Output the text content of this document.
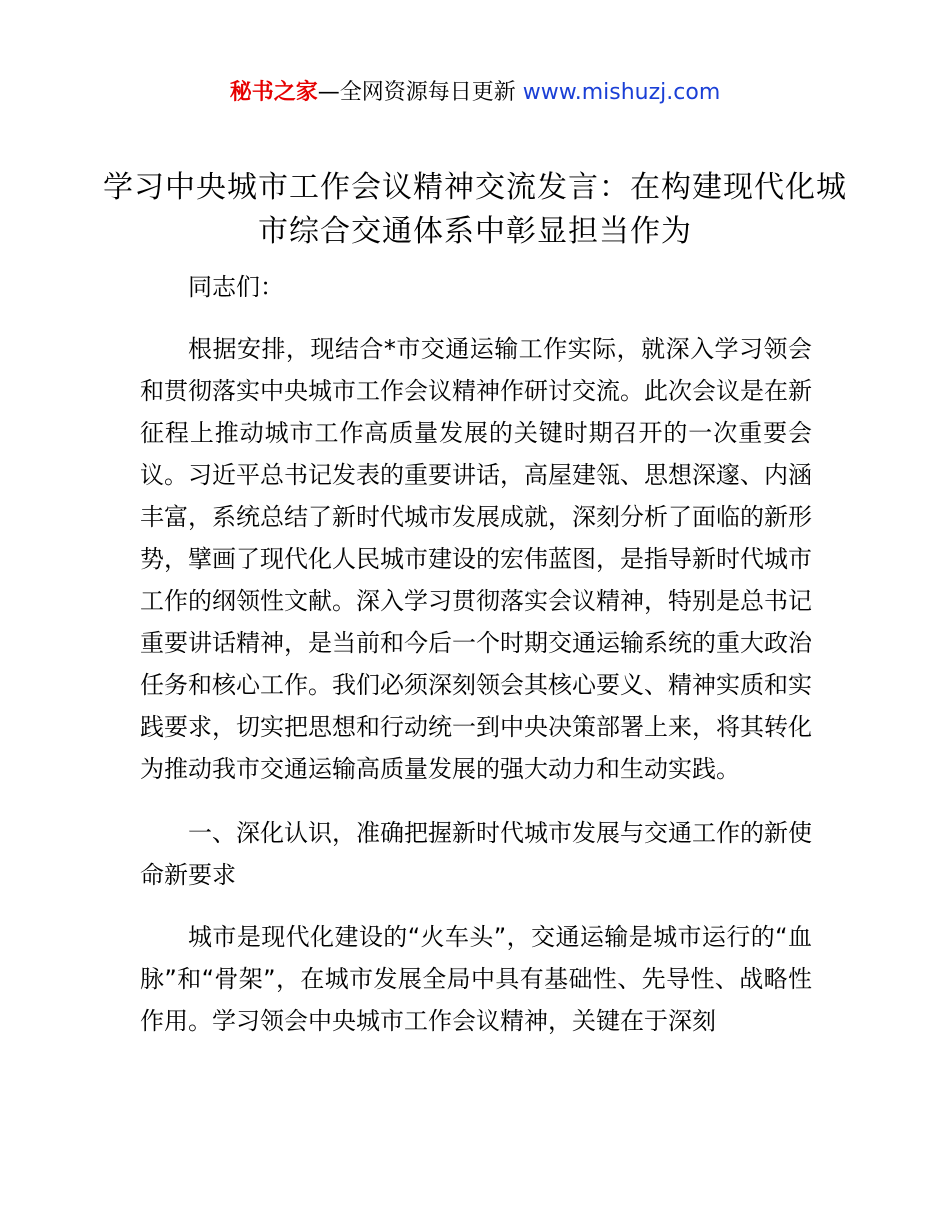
秘书之家—全网资源每日更新 www.mishuzj.com
学习中央城市工作会议精神交流发言：在构建现代化城市综合交通体系中彰显担当作为

同志们：

根据安排，现结合*市交通运输工作实际，就深入学习领会和贯彻落实中央城市工作会议精神作研讨交流。此次会议是在新征程上推动城市工作高质量发展的关键时期召开的一次重要会议。习近平总书记发表的重要讲话，高屋建瓴、思想深邃、内涵丰富，系统总结了新时代城市发展成就，深刻分析了面临的新形势，擘画了现代化人民城市建设的宏伟蓝图，是指导新时代城市工作的纲领性文献。深入学习贯彻落实会议精神，特别是总书记重要讲话精神，是当前和今后一个时期交通运输系统的重大政治任务和核心工作。我们必须深刻领会其核心要义、精神实质和实践要求，切实把思想和行动统一到中央决策部署上来，将其转化为推动我市交通运输高质量发展的强大动力和生动实践。

一、深化认识，准确把握新时代城市发展与交通工作的新使命新要求

城市是现代化建设的“火车头”，交通运输是城市运行的“血脉”和“骨架”，在城市发展全局中具有基础性、先导性、战略性作用。学习领会中央城市工作会议精神，关键在于深刻
